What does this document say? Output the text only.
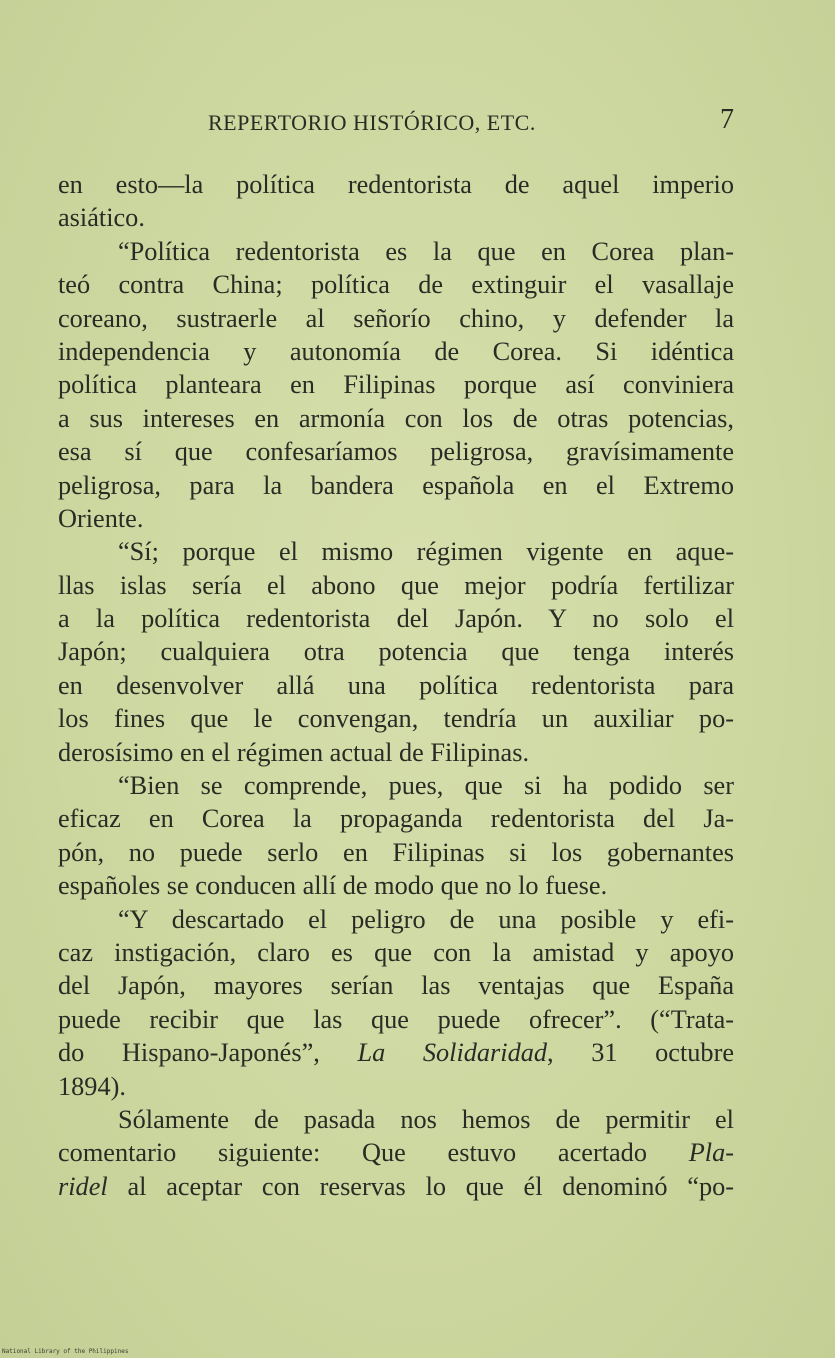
REPERTORIO HISTÓRICO, ETC.	7
en esto—la política redentorista de aquel imperio
asiático.
“Política redentorista es la que en Corea plan-
teó contra China; política de extinguir el vasallaje
coreano, sustraerle al señorío chino, y defender la
independencia y autonomía de Corea. Si idéntica
política planteara en Filipinas porque así conviniera
a sus intereses en armonía con los de otras potencias,
esa sí que confesaríamos peligrosa, gravísimamente
peligrosa, para la bandera española en el Extremo
Oriente.
“Sí; porque el mismo régimen vigente en aque-
llas islas sería el abono que mejor podría fertilizar
a la política redentorista del Japón. Y no solo el
Japón; cualquiera otra potencia que tenga interés
en desenvolver allá una política redentorista para
los fines que le convengan, tendría un auxiliar po-
derosísimo en el régimen actual de Filipinas.
“Bien se comprende, pues, que si ha podido ser
eficaz en Corea la propaganda redentorista del Ja-
pón, no puede serlo en Filipinas si los gobernantes
españoles se conducen allí de modo que no lo fuese.
“Y descartado el peligro de una posible y efi-
caz instigación, claro es que con la amistad y apoyo
del Japón, mayores serían las ventajas que España
puede recibir que las que puede ofrecer”. (“Trata-
do Hispano-Japonés”, La Solidaridad, 31 octubre
1894).
Sólamente de pasada nos hemos de permitir el
comentario siguiente: Que estuvo acertado Pla-
ridel al aceptar con reservas lo que él denominó “po-
National Library of the Philippines
